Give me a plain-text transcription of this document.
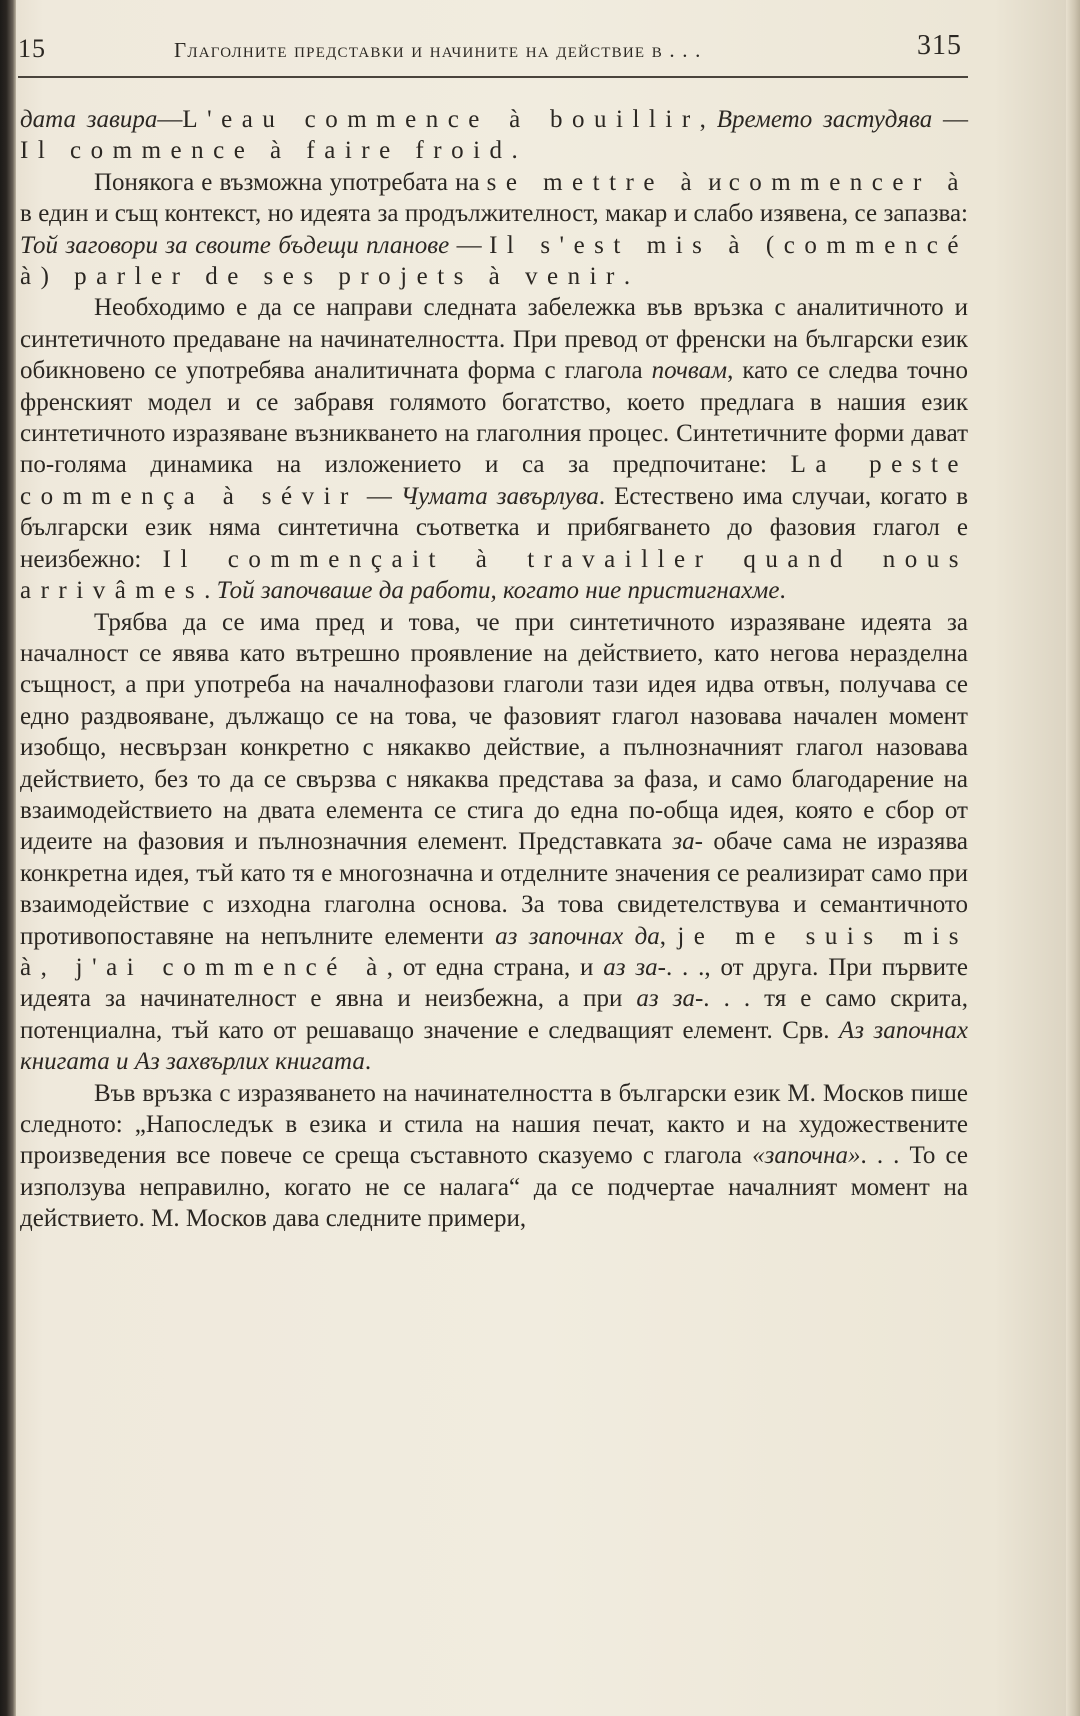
15	Глаголните представки и начините на действие в . . .	315

дата завира—L'eau commence à bouillir, Времето застудява — Il commence à faire froid.

Понякога е възможна употребата на se mettre à и commencer à в един и същ контекст, но идеята за продължителност, макар и слабо изявена, се запазва: Той заговори за своите бъдещи планове — Il s'est mis à (commencé à) parler de ses projets à venir.

Необходимо е да се направи следната забележка във връзка с аналитичното и синтетичното предаване на начинателността. При превод от френски на български език обикновено се употребява аналитичната форма с глагола почвам, като се следва точно френският модел и се забравя голямото богатство, което предлага в нашия език синтетичното изразяване възникването на глаголния процес. Синтетичните форми дават по-голяма динамика на изложението и са за предпочитане: La peste commença à sévir — Чумата завърлува. Естествено има случаи, когато в български език няма синтетична съответка и прибягването до фазовия глагол е неизбежно: Il commençait à travailler quand nous arrivâmes. Той започваше да работи, когато ние пристигнахме.

Трябва да се има пред и това, че при синтетичното изразяване идеята за началност се явява като вътрешно проявление на действието, като негова неразделна същност, а при употреба на началнофазови глаголи тази идея идва отвън, получава се едно раздвояване, дължащо се на това, че фазовият глагол назовава начален момент изобщо, несвързан конкретно с някакво действие, а пълнозначният глагол назовава действието, без то да се свързва с някаква представа за фаза, и само благодарение на взаимодействието на двата елемента се стига до една по-обща идея, която е сбор от идеите на фазовия и пълнозначния елемент. Представката за- обаче сама не изразява конкретна идея, тъй като тя е многозначна и отделните значения се реализират само при взаимодействие с изходна глаголна основа. За това свидетелствува и семантичното противопоставяне на непълните елементи аз започнах да, je me suis mis à, j'ai commencé à, от една страна, и аз за-. . ., от друга. При първите идеята за начинателност е явна и неизбежна, а при аз за-. . . тя е само скрита, потенциална, тъй като от решаващо значение е следващият елемент. Срв. Аз започнах книгата и Аз захвърлих книгата.

Във връзка с изразяването на начинателността в български език М. Москов пише следното: „Напоследък в езика и стила на нашия печат, както и на художествените произведения все повече се среща съставното сказуемо с глагола «започна». . . То се използува неправилно, когато не се налага“ да се подчертае началният момент на действието. М. Москов дава следните примери,
